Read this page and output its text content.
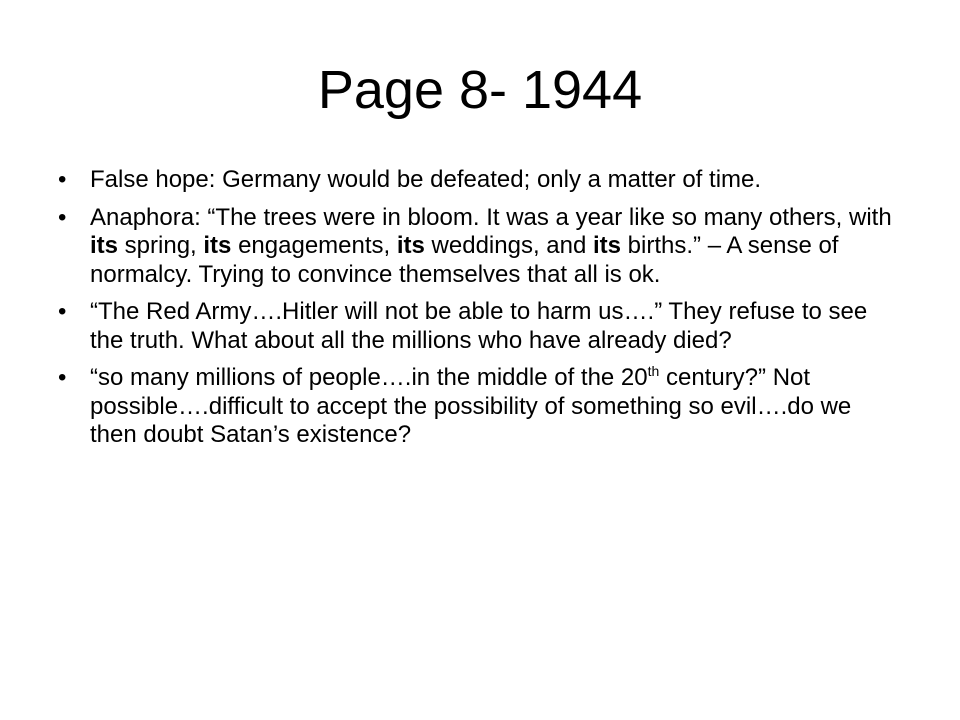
Page 8- 1944
• False hope: Germany would be defeated; only a matter of time.
• Anaphora: “The trees were in bloom. It was a year like so many others, with its spring, its engagements, its weddings, and its births.” – A sense of normalcy. Trying to convince themselves that all is ok.
• “The Red Army….Hitler will not be able to harm us….” They refuse to see the truth. What about all the millions who have already died?
• “so many millions of people….in the middle of the 20th century?” Not possible….difficult to accept the possibility of something so evil….do we then doubt Satan’s existence?
